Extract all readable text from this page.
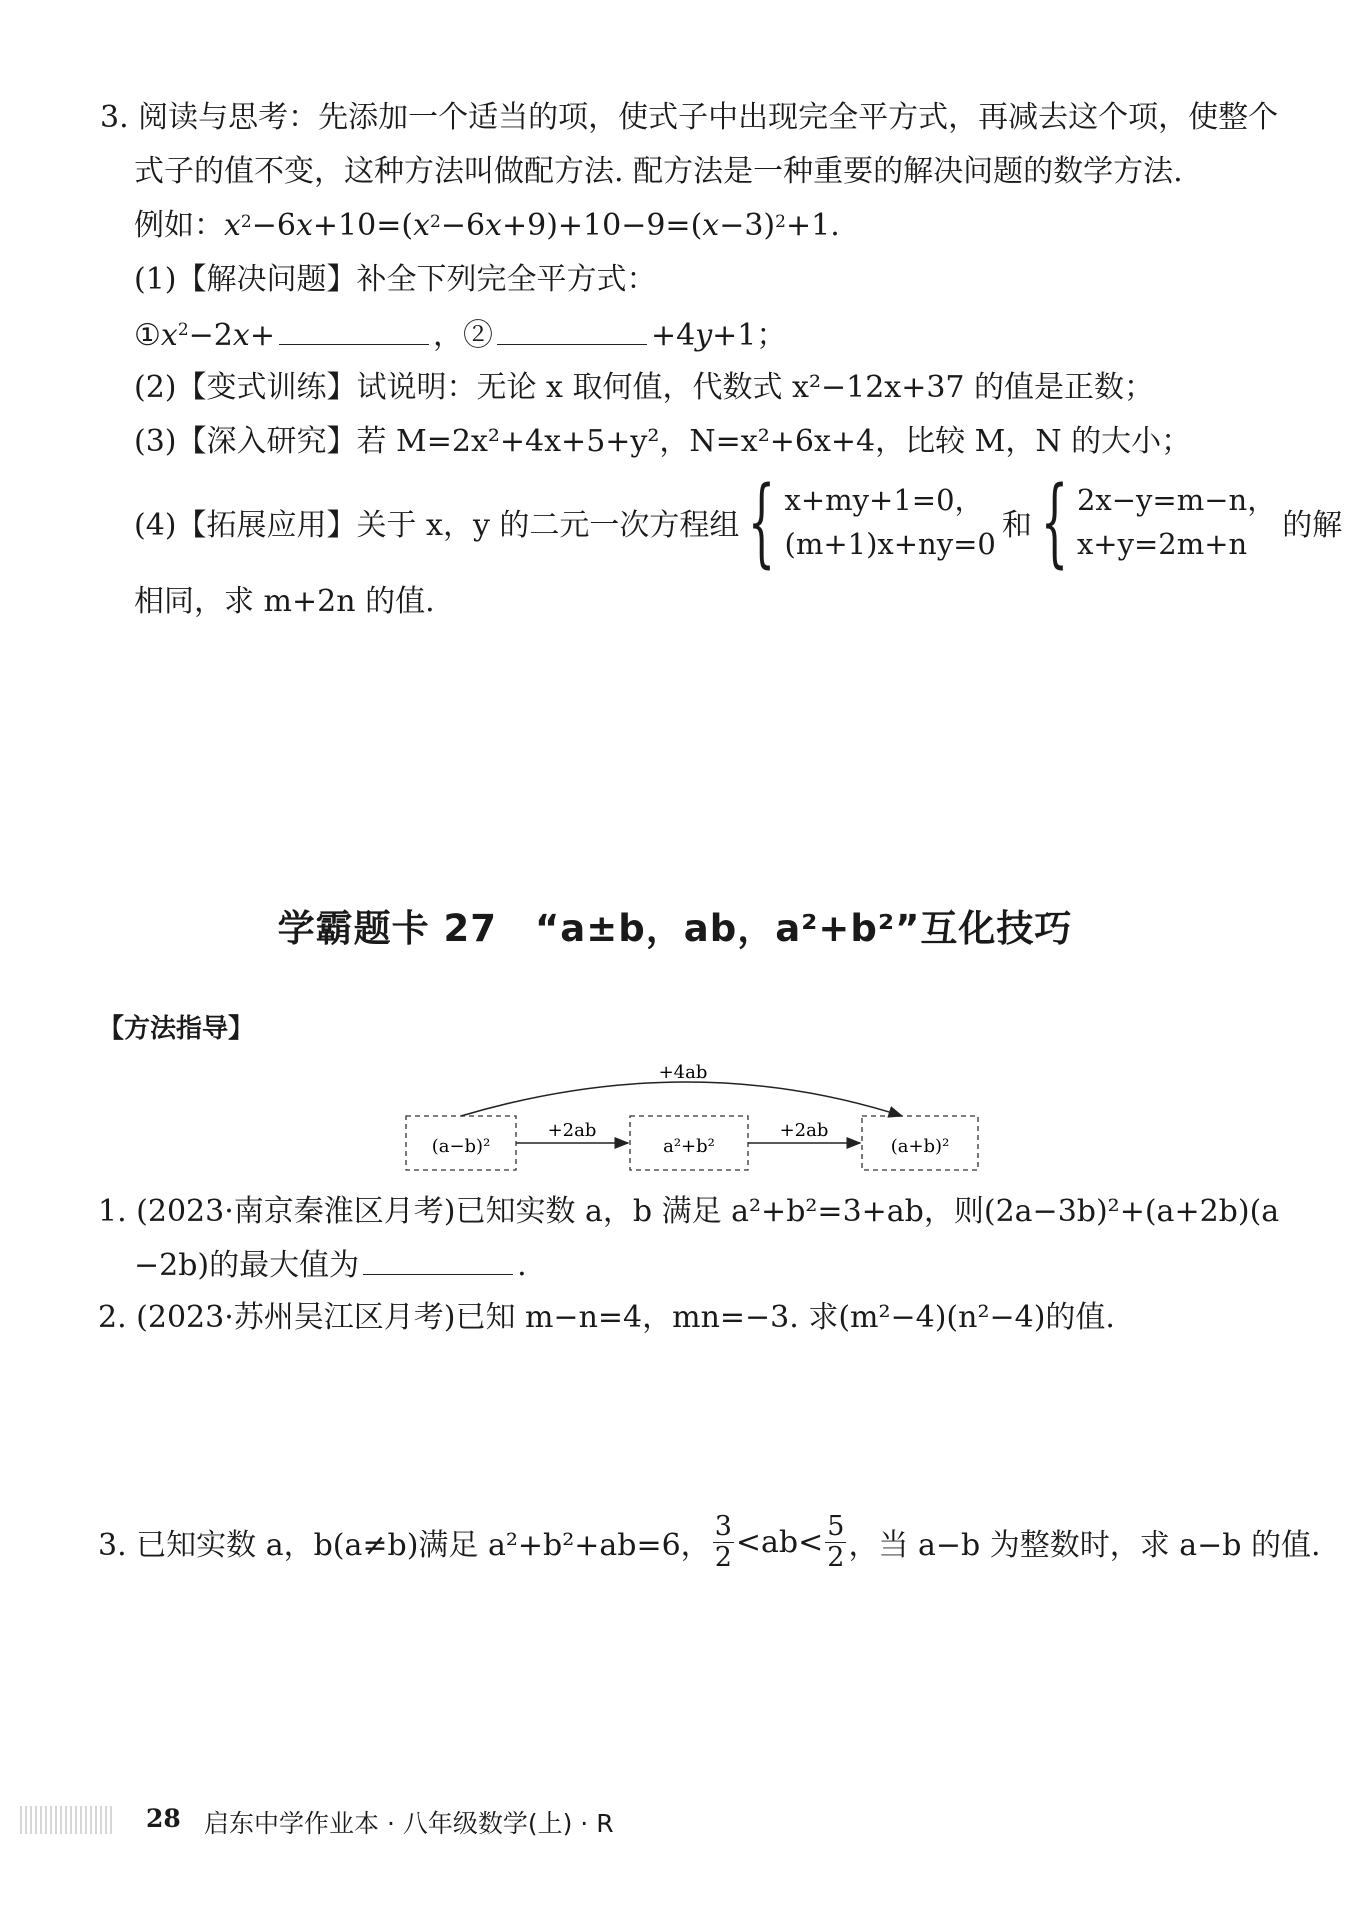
3. 阅读与思考：先添加一个适当的项，使式子中出现完全平方式，再减去这个项，使整个
式子的值不变，这种方法叫做配方法. 配方法是一种重要的解决问题的数学方法.
例如：$x^2-6x+10=(x^2-6x+9)+10-9=(x-3)^2+1$.
(1)【解决问题】补全下列完全平方式：
$①x^2-2x+$	，②	+4y+1；
(2)【变式训练】试说明：无论 x 取何值，代数式 x²−12x+37 的值是正数；
(3)【深入研究】若 M=2x²+4x+5+y²，N=x²+6x+4，比较 M，N 的大小；
(4)【拓展应用】关于 x，y 的二元一次方程组 { x+my+1=0，
(m+1)x+ny=0
和 { 2x−y=m−n，
x+y=2m+n
的解
相同，求 m+2n 的值.
学霸题卡 27　“a±b，ab，a²+b²”互化技巧
【方法指导】
(a−b)²	a²+b²	(a+b)²
+2ab	+2ab
+4ab
1. (2023·南京秦淮区月考)已知实数 a，b 满足 a²+b²=3+ab，则(2a−3b)²+(a+2b)(a
−2b)的最大值为	.
2. (2023·苏州吴江区月考)已知 m−n=4，mn=−3. 求(m²−4)(n²−4)的值.
3. 已知实数 a，b(a≠b)满足 a²+b²+ab=6， $\frac{3}{2} <ab< \frac{5}{2}$ ，当 a−b 为整数时，求 a−b 的值.
28 启东中学作业本 · 八年级数学(上) · R
